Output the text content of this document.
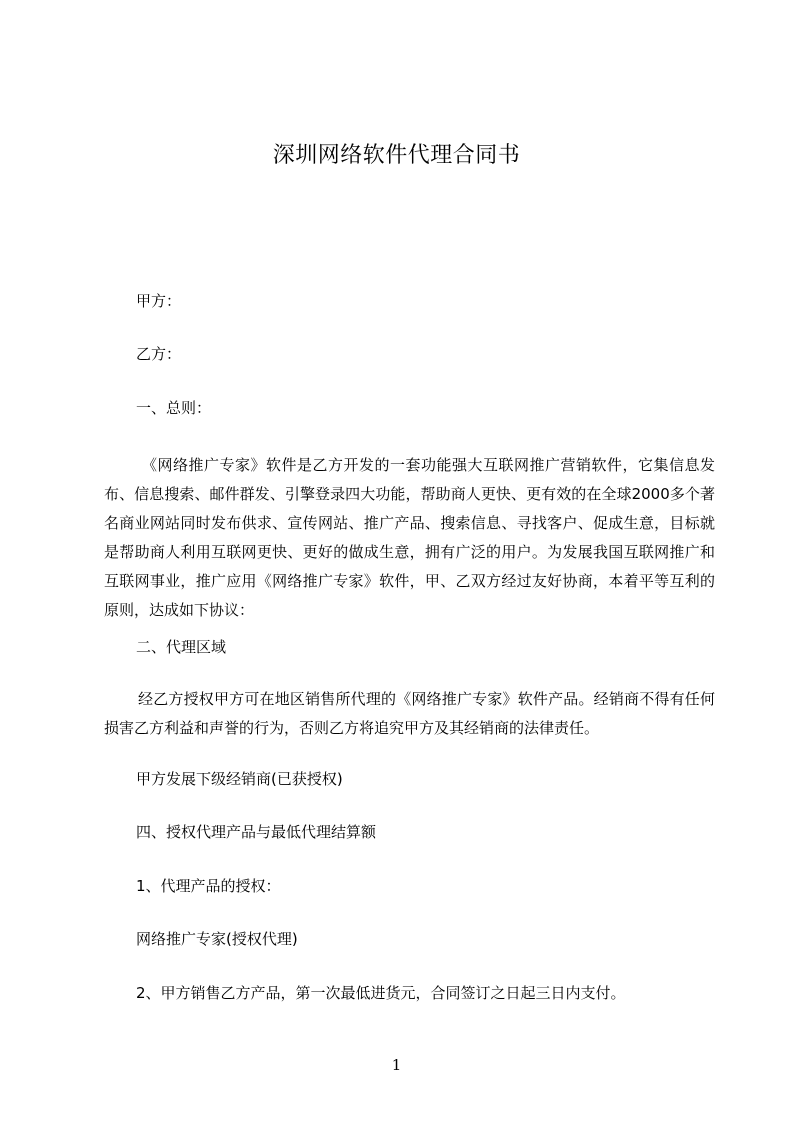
深圳网络软件代理合同书
甲方：
乙方：
一、总则：
《网络推广专家》软件是乙方开发的一套功能强大互联网推广营销软件，它集信息发布、信息搜索、邮件群发、引擎登录四大功能，帮助商人更快、更有效的在全球2000多个著名商业网站同时发布供求、宣传网站、推广产品、搜索信息、寻找客户、促成生意，目标就是帮助商人利用互联网更快、更好的做成生意，拥有广泛的用户。为发展我国互联网推广和互联网事业，推广应用《网络推广专家》软件，甲、乙双方经过友好协商，本着平等互利的原则，达成如下协议：
二、代理区域
经乙方授权甲方可在地区销售所代理的《网络推广专家》软件产品。经销商不得有任何损害乙方利益和声誉的行为，否则乙方将追究甲方及其经销商的法律责任。
甲方发展下级经销商(已获授权)
四、授权代理产品与最低代理结算额
1、代理产品的授权：
网络推广专家(授权代理)
2、甲方销售乙方产品，第一次最低进货元，合同签订之日起三日内支付。
1
